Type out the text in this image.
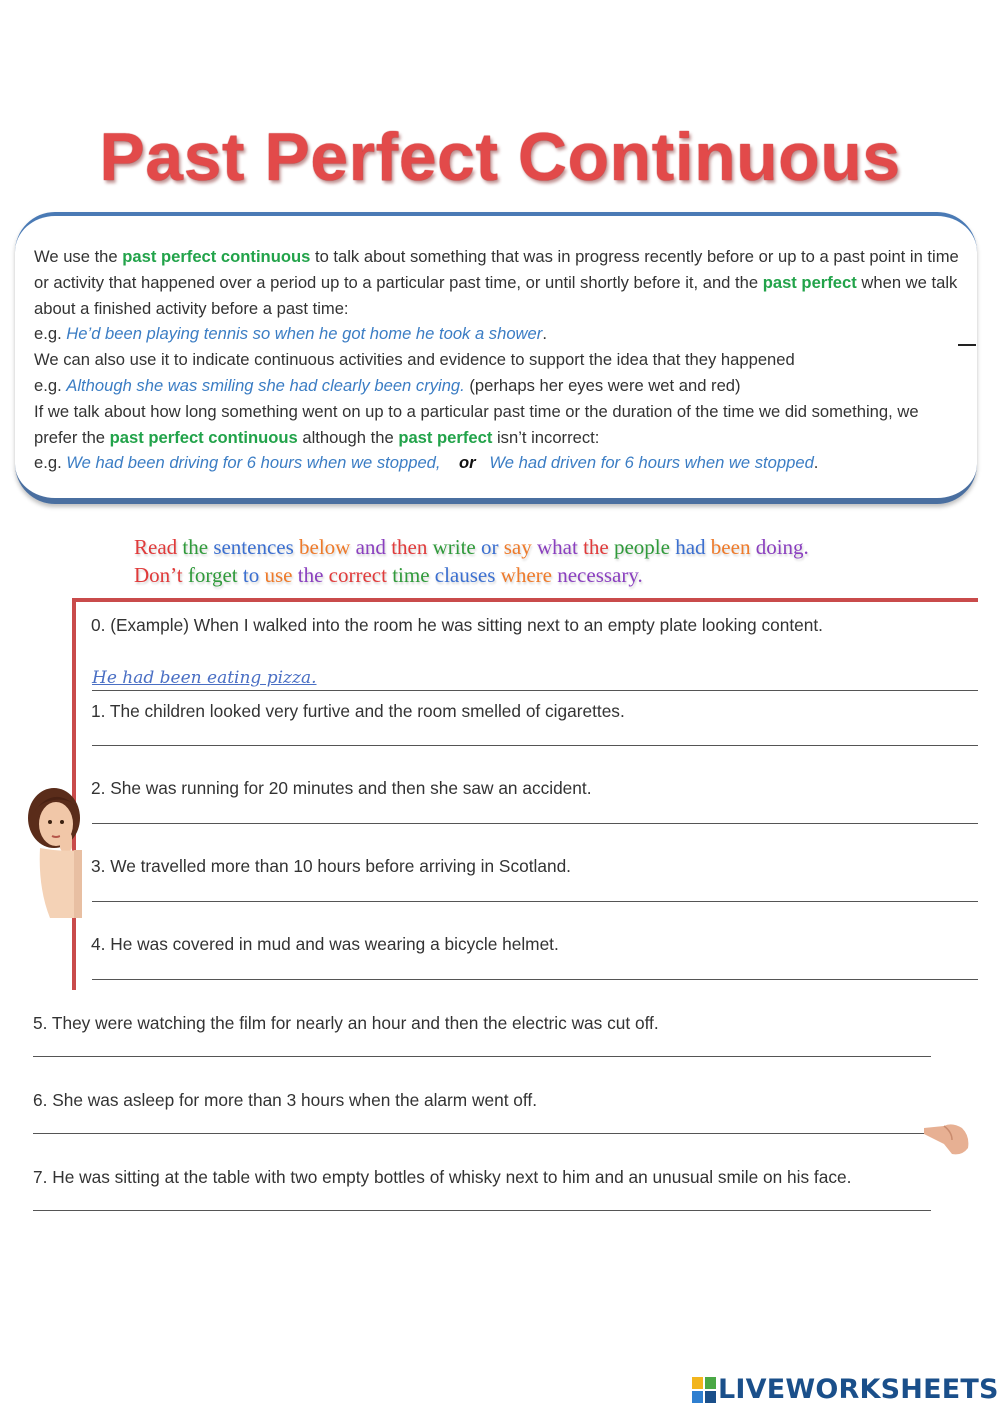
Past Perfect Continuous

We use the past perfect continuous to talk about something that was in progress recently before or up to a past point in time or activity that happened over a period up to a particular past time, or until shortly before it, and the past perfect when we talk about a finished activity before a past time:

e.g. He’d been playing tennis so when he got home he took a shower.

We can also use it to indicate continuous activities and evidence to support the idea that they happened

e.g. Although she was smiling she had clearly been crying. (perhaps her eyes were wet and red)

If we talk about how long something went on up to a particular past time or the duration of the time we did something, we prefer the past perfect continuous although the past perfect isn’t incorrect:

e.g. We had been driving for 6 hours when we stopped, or We had driven for 6 hours when we stopped.

Read the sentences below and then write or say what the people had been doing.

Don’t forget to use the correct time clauses where necessary.

0. (Example) When I walked into the room he was sitting next to an empty plate looking content.
He had been eating pizza.
1. The children looked very furtive and the room smelled of cigarettes.
2. She was running for 20 minutes and then she saw an accident.
3. We travelled more than 10 hours before arriving in Scotland.
4. He was covered in mud and was wearing a bicycle helmet.
5. They were watching the film for nearly an hour and then the electric was cut off.
6. She was asleep for more than 3 hours when the alarm went off.
7. He was sitting at the table with two empty bottles of whisky next to him and an unusual smile on his face.
LIVEWORKSHEETS
